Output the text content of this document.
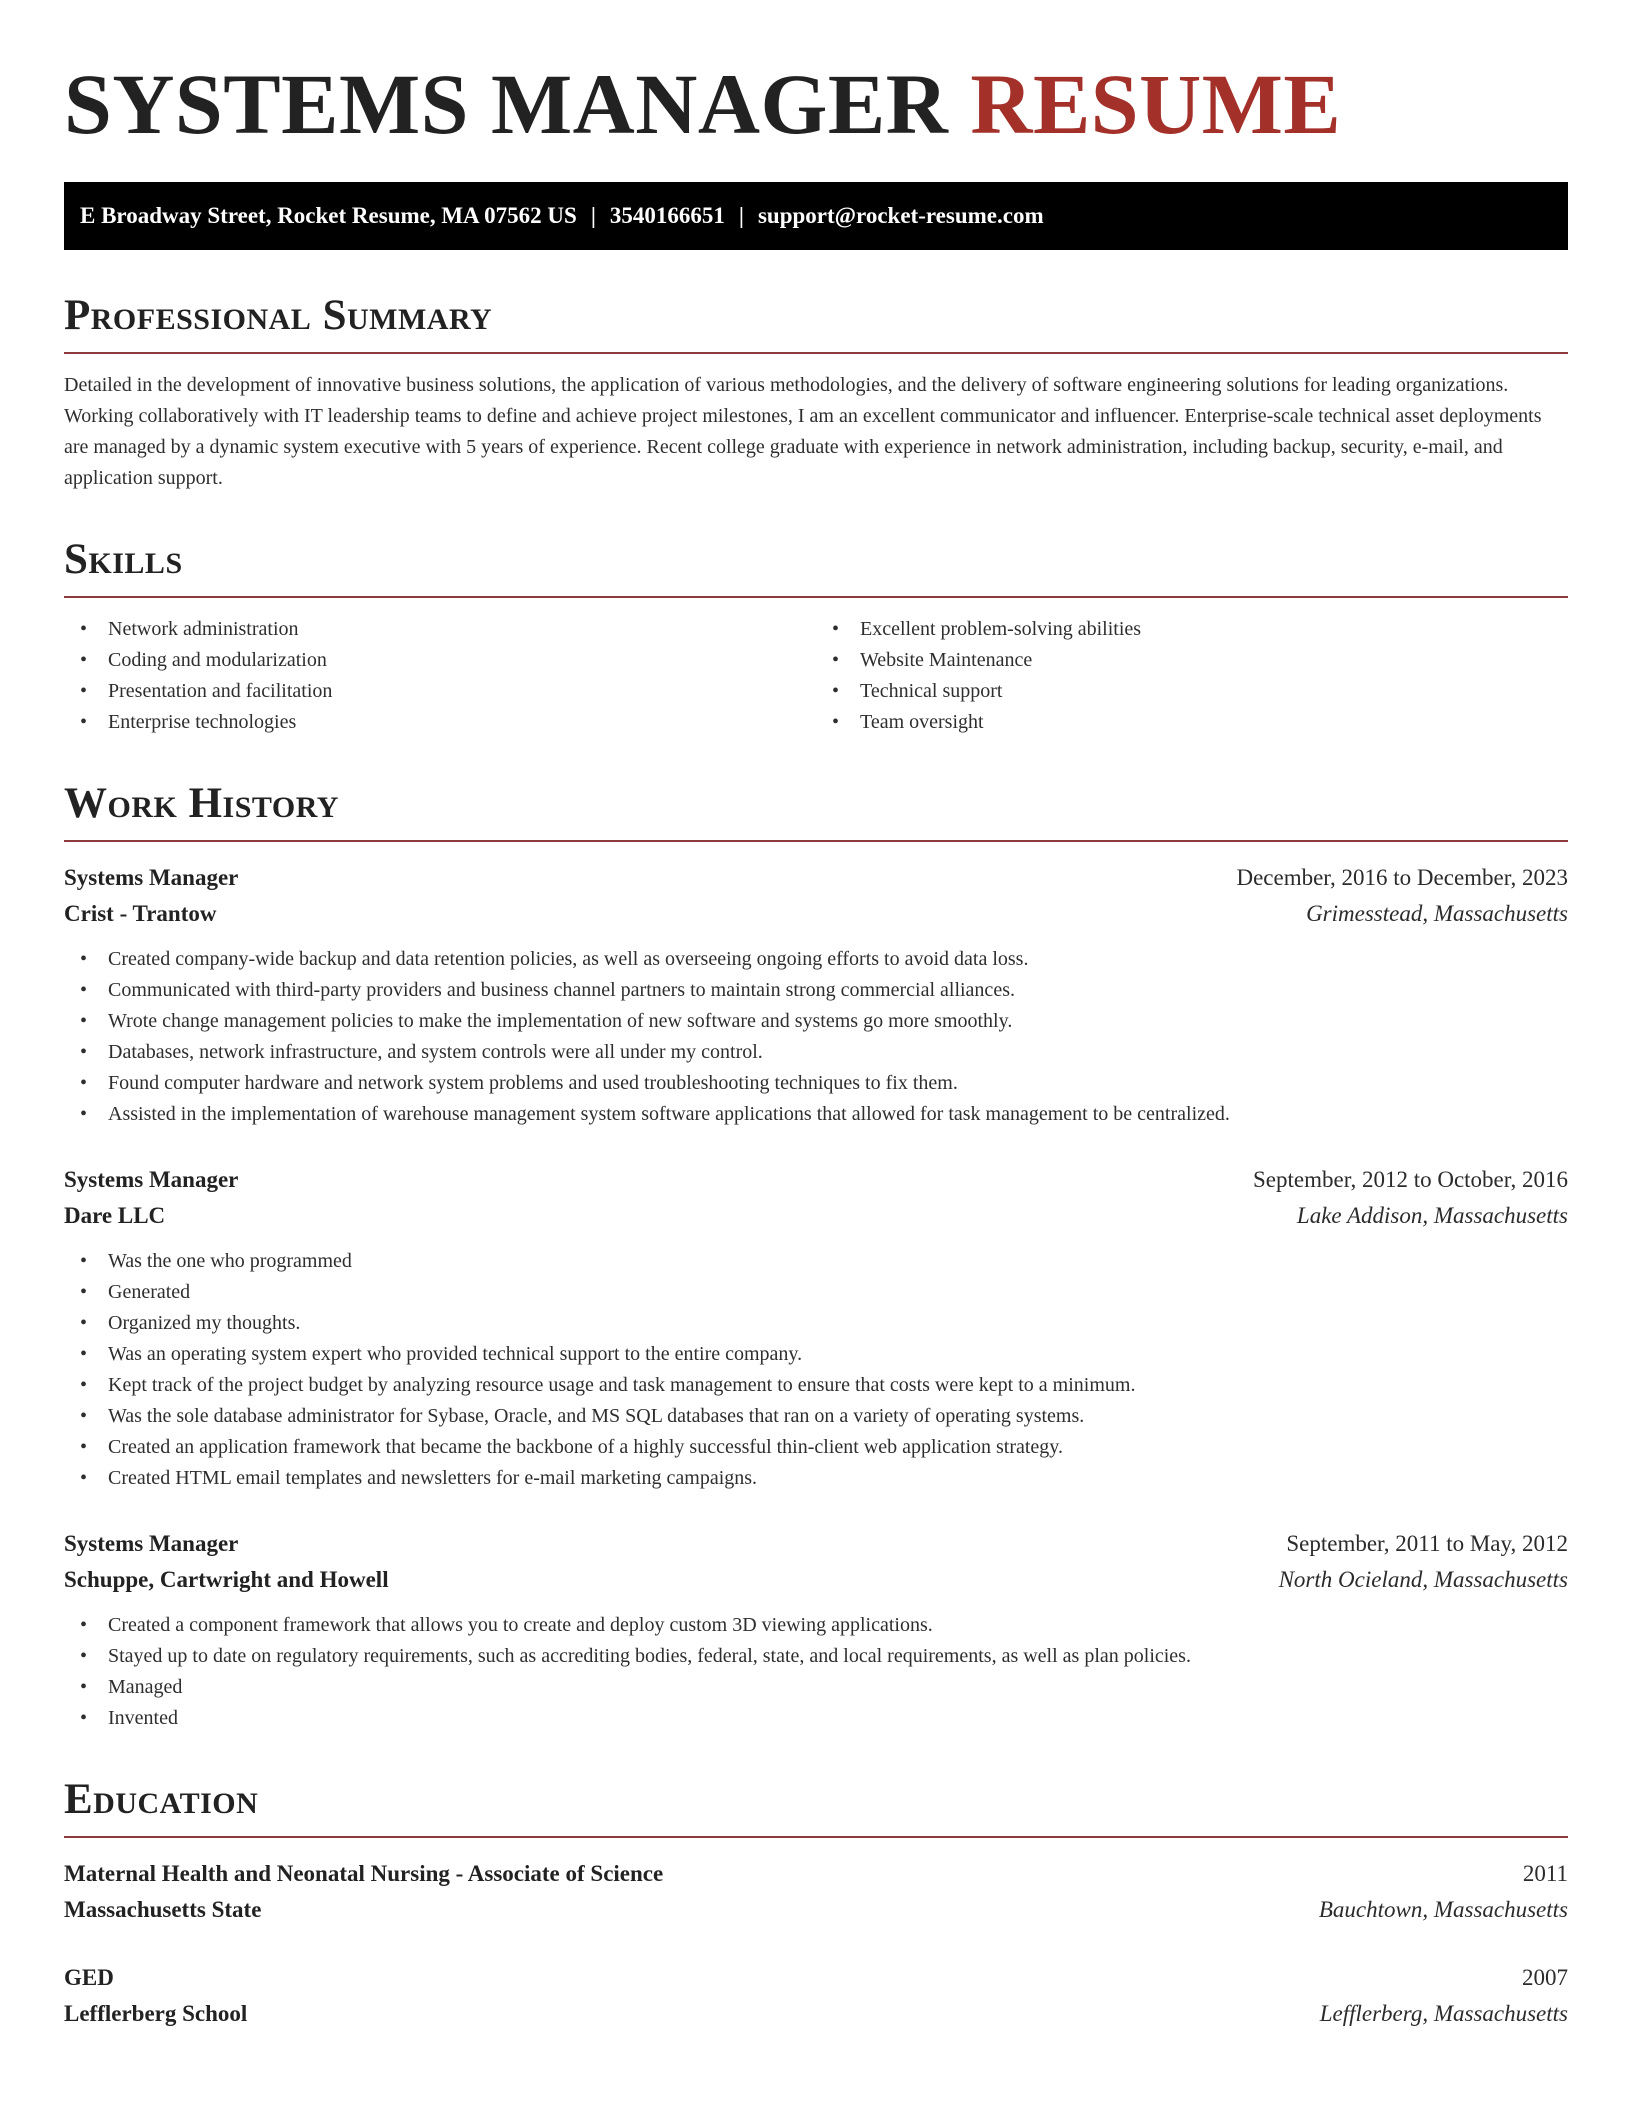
SYSTEMS MANAGER RESUME
E Broadway Street, Rocket Resume, MA 07562 US | 3540166651 | support@rocket-resume.com
Professional Summary

Detailed in the development of innovative business solutions, the application of various methodologies, and the delivery of software engineering solutions for leading organizations. Working collaboratively with IT leadership teams to define and achieve project milestones, I am an excellent communicator and influencer. Enterprise-scale technical asset deployments are managed by a dynamic system executive with 5 years of experience. Recent college graduate with experience in network administration, including backup, security, e-mail, and application support.

Skills
• Network administration
• Coding and modularization
• Presentation and facilitation
• Enterprise technologies
• Excellent problem-solving abilities
• Website Maintenance
• Technical support
• Team oversight
Work History
Systems Manager	December, 2016 to December, 2023
Crist - Trantow	Grimesstead, Massachusetts
• Created company-wide backup and data retention policies, as well as overseeing ongoing efforts to avoid data loss.
• Communicated with third-party providers and business channel partners to maintain strong commercial alliances.
• Wrote change management policies to make the implementation of new software and systems go more smoothly.
• Databases, network infrastructure, and system controls were all under my control.
• Found computer hardware and network system problems and used troubleshooting techniques to fix them.
• Assisted in the implementation of warehouse management system software applications that allowed for task management to be centralized.
Systems Manager	September, 2012 to October, 2016
Dare LLC	Lake Addison, Massachusetts
• Was the one who programmed
• Generated
• Organized my thoughts.
• Was an operating system expert who provided technical support to the entire company.
• Kept track of the project budget by analyzing resource usage and task management to ensure that costs were kept to a minimum.
• Was the sole database administrator for Sybase, Oracle, and MS SQL databases that ran on a variety of operating systems.
• Created an application framework that became the backbone of a highly successful thin-client web application strategy.
• Created HTML email templates and newsletters for e-mail marketing campaigns.
Systems Manager	September, 2011 to May, 2012
Schuppe, Cartwright and Howell	North Ocieland, Massachusetts
• Created a component framework that allows you to create and deploy custom 3D viewing applications.
• Stayed up to date on regulatory requirements, such as accrediting bodies, federal, state, and local requirements, as well as plan policies.
• Managed
• Invented
Education
Maternal Health and Neonatal Nursing - Associate of Science	2011
Massachusetts State	Bauchtown, Massachusetts
GED	2007
Lefflerberg School	Lefflerberg, Massachusetts
